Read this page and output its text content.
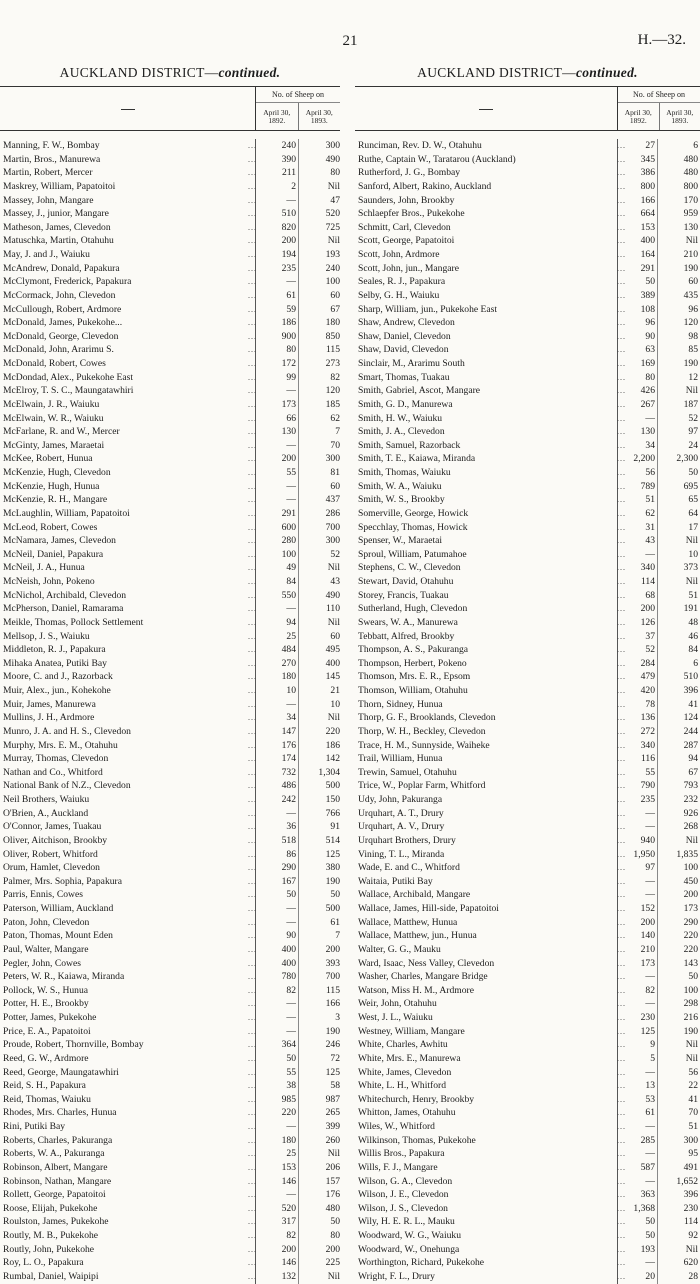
21	H.—32.
AUCKLAND DISTRICT—continued.
	No. of Sheep on	
	April 30, 1892.	April 30, 1893.
Manning, F. W., Bombay	...	240	300
Martin, Bros., Manurewa	...	390	490
Martin, Robert, Mercer	...	211	80
Maskrey, William, Papatoitoi	...	2	Nil
Massey, John, Mangare	...	—	47
Massey, J., junior, Mangare	...	510	520
Matheson, James, Clevedon	...	820	725
Matuschka, Martin, Otahuhu	...	200	Nil
May, J. and J., Waiuku	...	194	193
McAndrew, Donald, Papakura	...	235	240
McClymont, Frederick, Papakura	...	—	100
McCormack, John, Clevedon	...	61	60
McCullough, Robert, Ardmore	...	59	67
McDonald, James, Pukekohe...	...	186	180
McDonald, George, Clevedon	...	900	850
McDonald, John, Ararimu S.	...	80	115
McDonald, Robert, Cowes	...	172	273
McDondad, Alex., Pukekohe East	...	99	82
McElroy, T. S. C., Maungatawhiri	...	—	120
McElwain, J. R., Waiuku	...	173	185
McElwain, W. R., Waiuku	...	66	62
McFarlane, R. and W., Mercer	...	130	7
McGinty, James, Maraetai	...	—	70
McKee, Robert, Hunua	...	200	300
McKenzie, Hugh, Clevedon	...	55	81
McKenzie, Hugh, Hunua	...	—	60
McKenzie, R. H., Mangare	...	—	437
McLaughlin, William, Papatoitoi	...	291	286
McLeod, Robert, Cowes	...	600	700
McNamara, James, Clevedon	...	280	300
McNeil, Daniel, Papakura	...	100	52
McNeil, J. A., Hunua	...	49	Nil
McNeish, John, Pokeno	...	84	43
McNichol, Archibald, Clevedon	...	550	490
McPherson, Daniel, Ramarama	...	—	110
Meikle, Thomas, Pollock Settlement	...	94	Nil
Mellsop, J. S., Waiuku	...	25	60
Middleton, R. J., Papakura	...	484	495
Mihaka Anatea, Putiki Bay	...	270	400
Moore, C. and J., Razorback	...	180	145
Muir, Alex., jun., Kohekohe	...	10	21
Muir, James, Manurewa	...	—	10
Mullins, J. H., Ardmore	...	34	Nil
Munro, J. A. and H. S., Clevedon	...	147	220
Murphy, Mrs. E. M., Otahuhu	...	176	186
Murray, Thomas, Clevedon	...	174	142
Nathan and Co., Whitford	...	732	1,304
National Bank of N.Z., Clevedon	...	486	500
Neil Brothers, Waiuku	...	242	150
O'Brien, A., Auckland	...	—	766
O'Connor, James, Tuakau	...	36	91
Oliver, Aitchison, Brookby	...	518	514
Oliver, Robert, Whitford	...	86	125
Orum, Hamlet, Clevedon	...	290	380
Palmer, Mrs. Sophia, Papakura	...	167	190
Parris, Ennis, Cowes	...	50	50
Paterson, William, Auckland	...	—	500
Paton, John, Clevedon	...	—	61
Paton, Thomas, Mount Eden	...	90	7
Paul, Walter, Mangare	...	400	200
Pegler, John, Cowes	...	400	393
Peters, W. R., Kaiawa, Miranda	...	780	700
Pollock, W. S., Hunua	...	82	115
Potter, H. E., Brookby	...	—	166
Potter, James, Pukekohe	...	—	3
Price, E. A., Papatoitoi	...	—	190
Proude, Robert, Thornville, Bombay	...	364	246
Reed, G. W., Ardmore	...	50	72
Reed, George, Maungatawhiri	...	55	125
Reid, S. H., Papakura	...	38	58
Reid, Thomas, Waiuku	...	985	987
Rhodes, Mrs. Charles, Hunua	...	220	265
Rini, Putiki Bay	...	—	399
Roberts, Charles, Pakuranga	...	180	260
Roberts, W. A., Pakuranga	...	25	Nil
Robinson, Albert, Mangare	...	153	206
Robinson, Nathan, Mangare	...	146	157
Rollett, George, Papatoitoi	...	—	176
Roose, Elijah, Pukekohe	...	520	480
Roulston, James, Pukekohe	...	317	50
Routly, M. B., Pukekohe	...	82	80
Routly, John, Pukekohe	...	200	200
Roy, L. O., Papakura	...	146	225
Rumbal, Daniel, Waipipi	...	132	Nil
AUCKLAND DISTRICT—continued.
	No. of Sheep on	
	April 30, 1892.	April 30, 1893.
Runciman, Rev. D. W., Otahuhu	...	27	6
Ruthe, Captain W., Taratarou (Auckland)	...	345	480
Rutherford, J. G., Bombay	...	386	480
Sanford, Albert, Rakino, Auckland	...	800	800
Saunders, John, Brookby	...	166	170
Schlaepfer Bros., Pukekohe	...	664	959
Schmitt, Carl, Clevedon	...	153	130
Scott, George, Papatoitoi	...	400	Nil
Scott, John, Ardmore	...	164	210
Scott, John, jun., Mangare	...	291	190
Seales, R. J., Papakura	...	50	60
Selby, G. H., Waiuku	...	389	435
Sharp, William, jun., Pukekohe East	...	108	96
Shaw, Andrew, Clevedon	...	96	120
Shaw, Daniel, Clevedon	...	90	98
Shaw, David, Clevedon	...	63	85
Sinclair, M., Ararimu South	...	169	190
Smart, Thomas, Tuakau	...	80	12
Smith, Gabriel, Ascot, Mangare	...	426	Nil
Smith, G. D., Manurewa	...	267	187
Smith, H. W., Waiuku	...	—	52
Smith, J. A., Clevedon	...	130	97
Smith, Samuel, Razorback	...	34	24
Smith, T. E., Kaiawa, Miranda	... 2,200	2,300
Smith, Thomas, Waiuku	...	56	50
Smith, W. A., Waiuku	...	789	695
Smith, W. S., Brookby	...	51	65
Somerville, George, Howick	...	62	64
Specchlay, Thomas, Howick	...	31	17
Spenser, W., Maraetai	...	43	Nil
Sproul, William, Patumahoe	...	—	10
Stephens, C. W., Clevedon	...	340	373
Stewart, David, Otahuhu	...	114	Nil
Storey, Francis, Tuakau	...	68	51
Sutherland, Hugh, Clevedon	...	200	191
Swears, W. A., Manurewa	...	126	48
Tebbatt, Alfred, Brookby	...	37	46
Thompson, A. S., Pakuranga	...	52	84
Thompson, Herbert, Pokeno	...	284	6
Thomson, Mrs. E. R., Epsom	...	479	510
Thomson, William, Otahuhu	...	420	396
Thorn, Sidney, Hunua	...	78	41
Thorp, G. F., Brooklands, Clevedon	...	136	124
Thorp, W. H., Beckley, Clevedon	...	272	244
Trace, H. M., Sunnyside, Waiheke	...	340	287
Trail, William, Hunua	...	116	94
Trewin, Samuel, Otahuhu	...	55	67
Trice, W., Poplar Farm, Whitford	...	790	793
Udy, John, Pakuranga	...	235	232
Urquhart, A. T., Drury	...	—	926
Urquhart, A. V., Drury	...	—	268
Urquhart Brothers, Drury	...	940	Nil
Vining, T. L., Miranda	... 1,950	1,835
Wade, E. and C., Whitford	...	97	100
Waitaia, Putiki Bay	...	—	450
Wallace, Archibald, Mangare	...	—	200
Wallace, James, Hill-side, Papatoitoi	...	152	173
Wallace, Matthew, Hunua	...	200	290
Wallace, Matthew, jun., Hunua	...	140	220
Walter, G. G., Mauku	...	210	220
Ward, Isaac, Ness Valley, Clevedon	...	173	143
Washer, Charles, Mangare Bridge	...	—	50
Watson, Miss H. M., Ardmore	...	82	100
Weir, John, Otahuhu	...	—	298
West, J. L., Waiuku	...	230	216
Westney, William, Mangare	...	125	190
White, Charles, Awhitu	...	9	Nil
White, Mrs. E., Manurewa	...	5	Nil
White, James, Clevedon	...	—	56
White, L. H., Whitford	...	13	22
Whitechurch, Henry, Brookby	...	53	41
Whitton, James, Otahuhu	...	61	70
Wiles, W., Whitford	...	—	51
Wilkinson, Thomas, Pukekohe	...	285	300
Willis Bros., Papakura	...	—	95
Wills, F. J., Mangare	...	587	491
Wilson, G. A., Clevedon	...	—	1,652
Wilson, J. E., Clevedon	...	363	396
Wilson, J. S., Clevedon	... 1,368	230
Wily, H. E. R. L., Mauku	...	50	114
Woodward, W. G., Waiuku	...	50	92
Woodward, W., Onehunga	...	193	Nil
Worthington, Richard, Pukekohe	...	—	620
Wright, F. L., Drury	...	20	28
